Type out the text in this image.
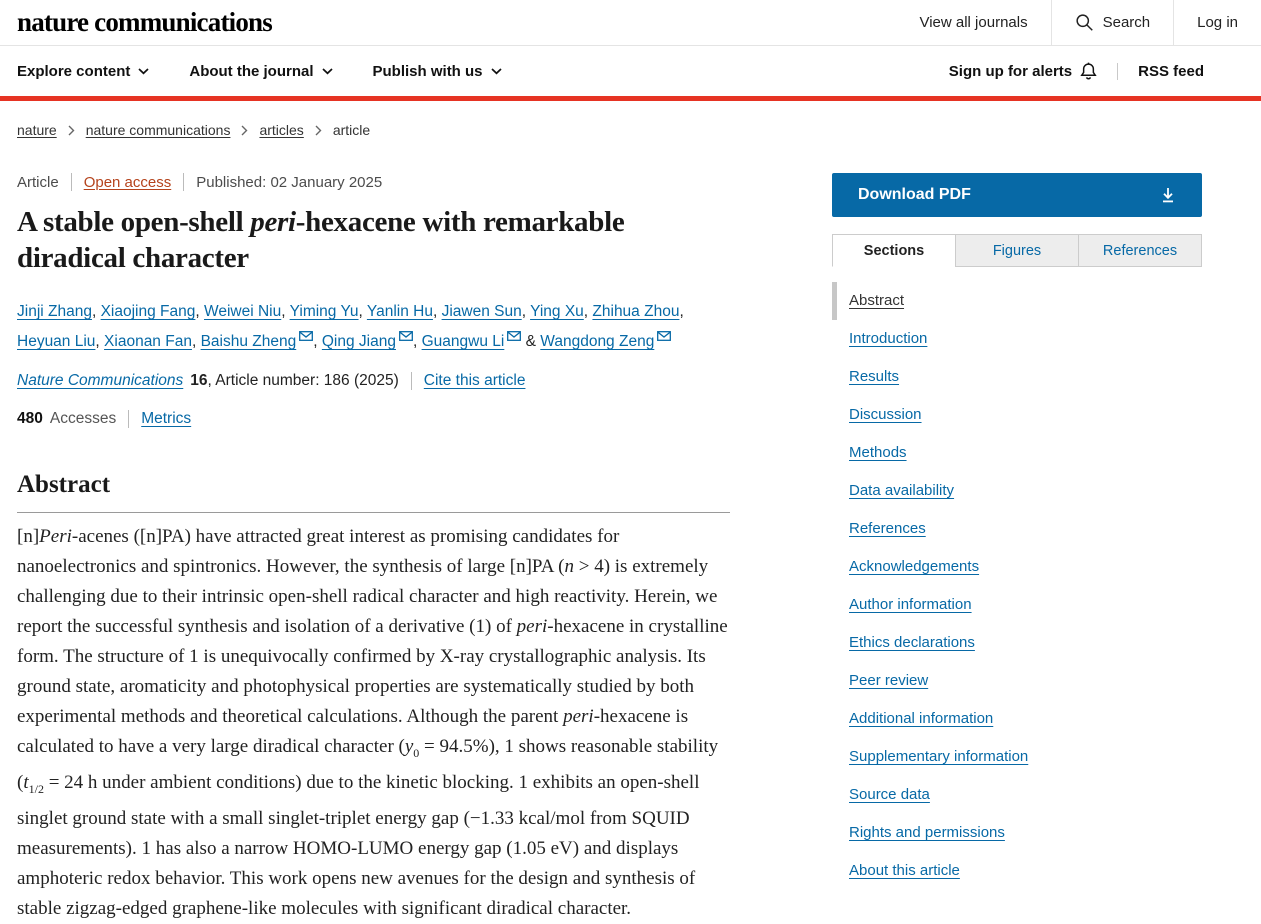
nature communications	View all journals	Search	Log in
Explore content	About the journal	Publish with us	Sign up for alerts	RSS feed
nature nature communications articles article
Article Open access Published: 02 January 2025
A stable open-shell peri-hexacene with remarkable diradical character

Jinji Zhang, Xiaojing Fang, Weiwei Niu, Yiming Yu, Yanlin Hu, Jiawen Sun, Ying Xu, Zhihua Zhou, Heyuan Liu, Xiaonan Fan, Baishu Zheng , Qing Jiang , Guangwu Li & Wangdong Zeng

Nature Communications 16 , Article number: 186 (2025) Cite this article
480 Accesses Metrics
Abstract

[n]Peri-acenes ([n]PA) have attracted great interest as promising candidates for nanoelectronics and spintronics. However, the synthesis of large [n]PA (n > 4) is extremely challenging due to their intrinsic open-shell radical character and high reactivity. Herein, we report the successful synthesis and isolation of a derivative (1) of peri-hexacene in crystalline form. The structure of 1 is unequivocally confirmed by X-ray crystallographic analysis. Its ground state, aromaticity and photophysical properties are systematically studied by both experimental methods and theoretical calculations. Although the parent peri-hexacene is calculated to have a very large diradical character $(y_0 = 94.5\%)$, 1 shows reasonable stability ($t_{1/2} = 24$ h under ambient conditions) due to the kinetic blocking. 1 exhibits an open-shell singlet ground state with a small singlet-triplet energy gap (−1.33 kcal/mol from SQUID measurements). 1 has also a narrow HOMO-LUMO energy gap (1.05 eV) and displays amphoteric redox behavior. This work opens new avenues for the design and synthesis of stable zigzag-edged graphene-like molecules with significant diradical character.

Download PDF
Sections	Figures	References
Abstract
Introduction
Results
Discussion
Methods
Data availability
References
Acknowledgements
Author information
Ethics declarations
Peer review
Additional information
Supplementary information
Source data
Rights and permissions
About this article
